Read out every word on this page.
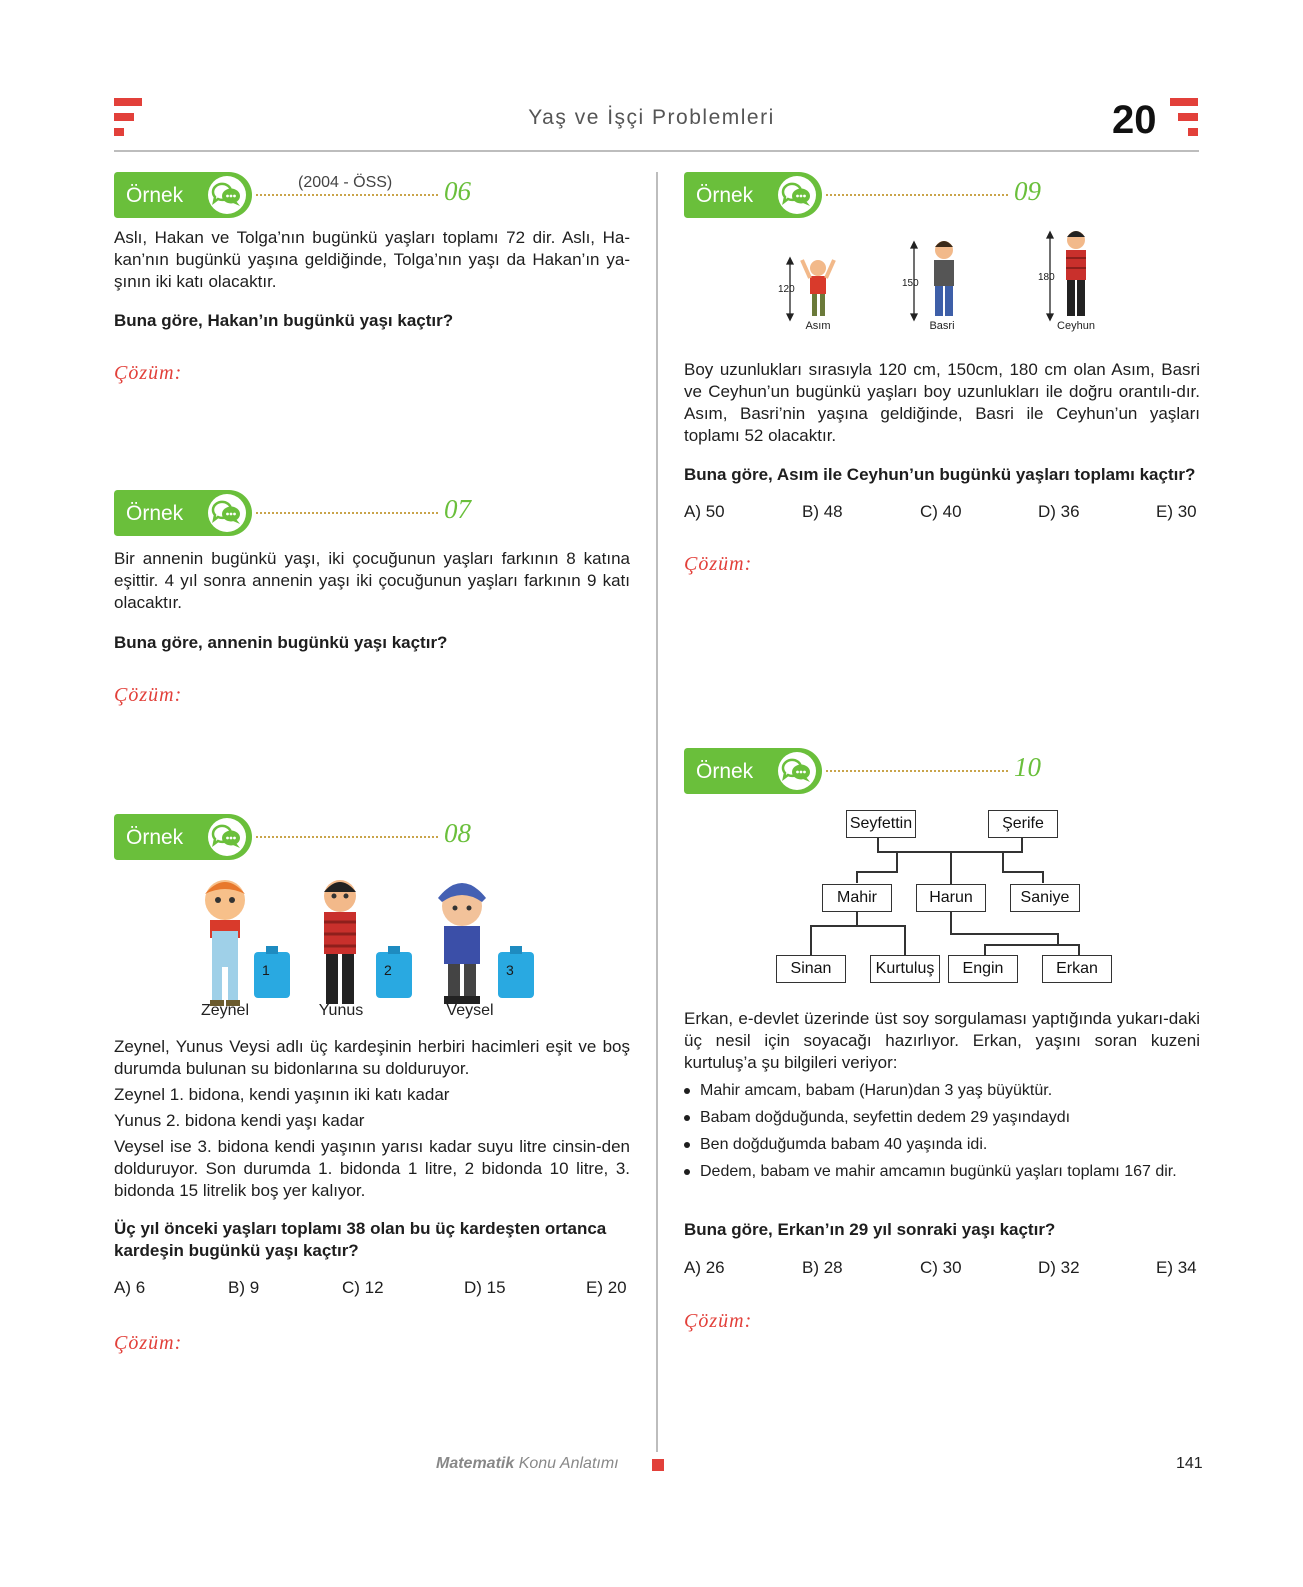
Yaş ve İşçi Problemleri	20
Örnek
(2004 - ÖSS) 06
Aslı, Hakan ve Tolga’nın bugünkü yaşları toplamı 72 dir. Aslı, Ha-kan’nın bugünkü yaşına geldiğinde, Tolga’nın yaşı da Hakan’ın ya-şının iki katı olacaktır.
Buna göre, Hakan’ın bugünkü yaşı kaçtır?
Çözüm:
Örnek	07
Bir annenin bugünkü yaşı, iki çocuğunun yaşları farkının 8 katına eşittir. 4 yıl sonra annenin yaşı iki çocuğunun yaşları farkının 9 katı olacaktır.
Buna göre, annenin bugünkü yaşı kaçtır?
Çözüm:
Örnek	08
1	2	3
Zeynel	Yunus	Veysel
Zeynel, Yunus Veysi adlı üç kardeşinin herbiri hacimleri eşit ve boş durumda bulunan su bidonlarına su dolduruyor.
Zeynel 1. bidona, kendi yaşının iki katı kadar
Yunus 2. bidona kendi yaşı kadar
Veysel ise 3. bidona kendi yaşının yarısı kadar suyu litre cinsin-den dolduruyor. Son durumda 1. bidonda 1 litre, 2 bidonda 10 litre, 3. bidonda 15 litrelik boş yer kalıyor.
Üç yıl önceki yaşları toplamı 38 olan bu üç kardeşten ortanca kardeşin bugünkü yaşı kaçtır?
A) 6	B) 9	C) 12	D) 15	E) 20
Çözüm:
Örnek	09
120
150
180
Asım	Basri	Ceyhun
Boy uzunlukları sırasıyla 120 cm, 150cm, 180 cm olan Asım, Basri ve Ceyhun’un bugünkü yaşları boy uzunlukları ile doğru orantılı-dır. Asım, Basri’nin yaşına geldiğinde, Basri ile Ceyhun’un yaşları toplamı 52 olacaktır.
Buna göre, Asım ile Ceyhun’un bugünkü yaşları toplamı kaçtır?
A) 50	B) 48	C) 40	D) 36	E) 30
Çözüm:
Örnek	10
Seyfettin	Şerife
Mahir	Harun	Saniye
Sinan	Kurtuluş	Engin	Erkan
Erkan, e-devlet üzerinde üst soy sorgulaması yaptığında yukarı-daki üç nesil için soyacağı hazırlıyor. Erkan, yaşını soran kuzeni kurtuluş’a şu bilgileri veriyor:
Mahir amcam, babam (Harun)dan 3 yaş büyüktür.
Babam doğduğunda, seyfettin dedem 29 yaşındaydı
Ben doğduğumda babam 40 yaşında idi.
Dedem, babam ve mahir amcamın bugünkü yaşları toplamı 167 dir.
Buna göre, Erkan’ın 29 yıl sonraki yaşı kaçtır?
A) 26	B) 28	C) 30	D) 32	E) 34
Çözüm:
Matematik Konu Anlatımı	141
